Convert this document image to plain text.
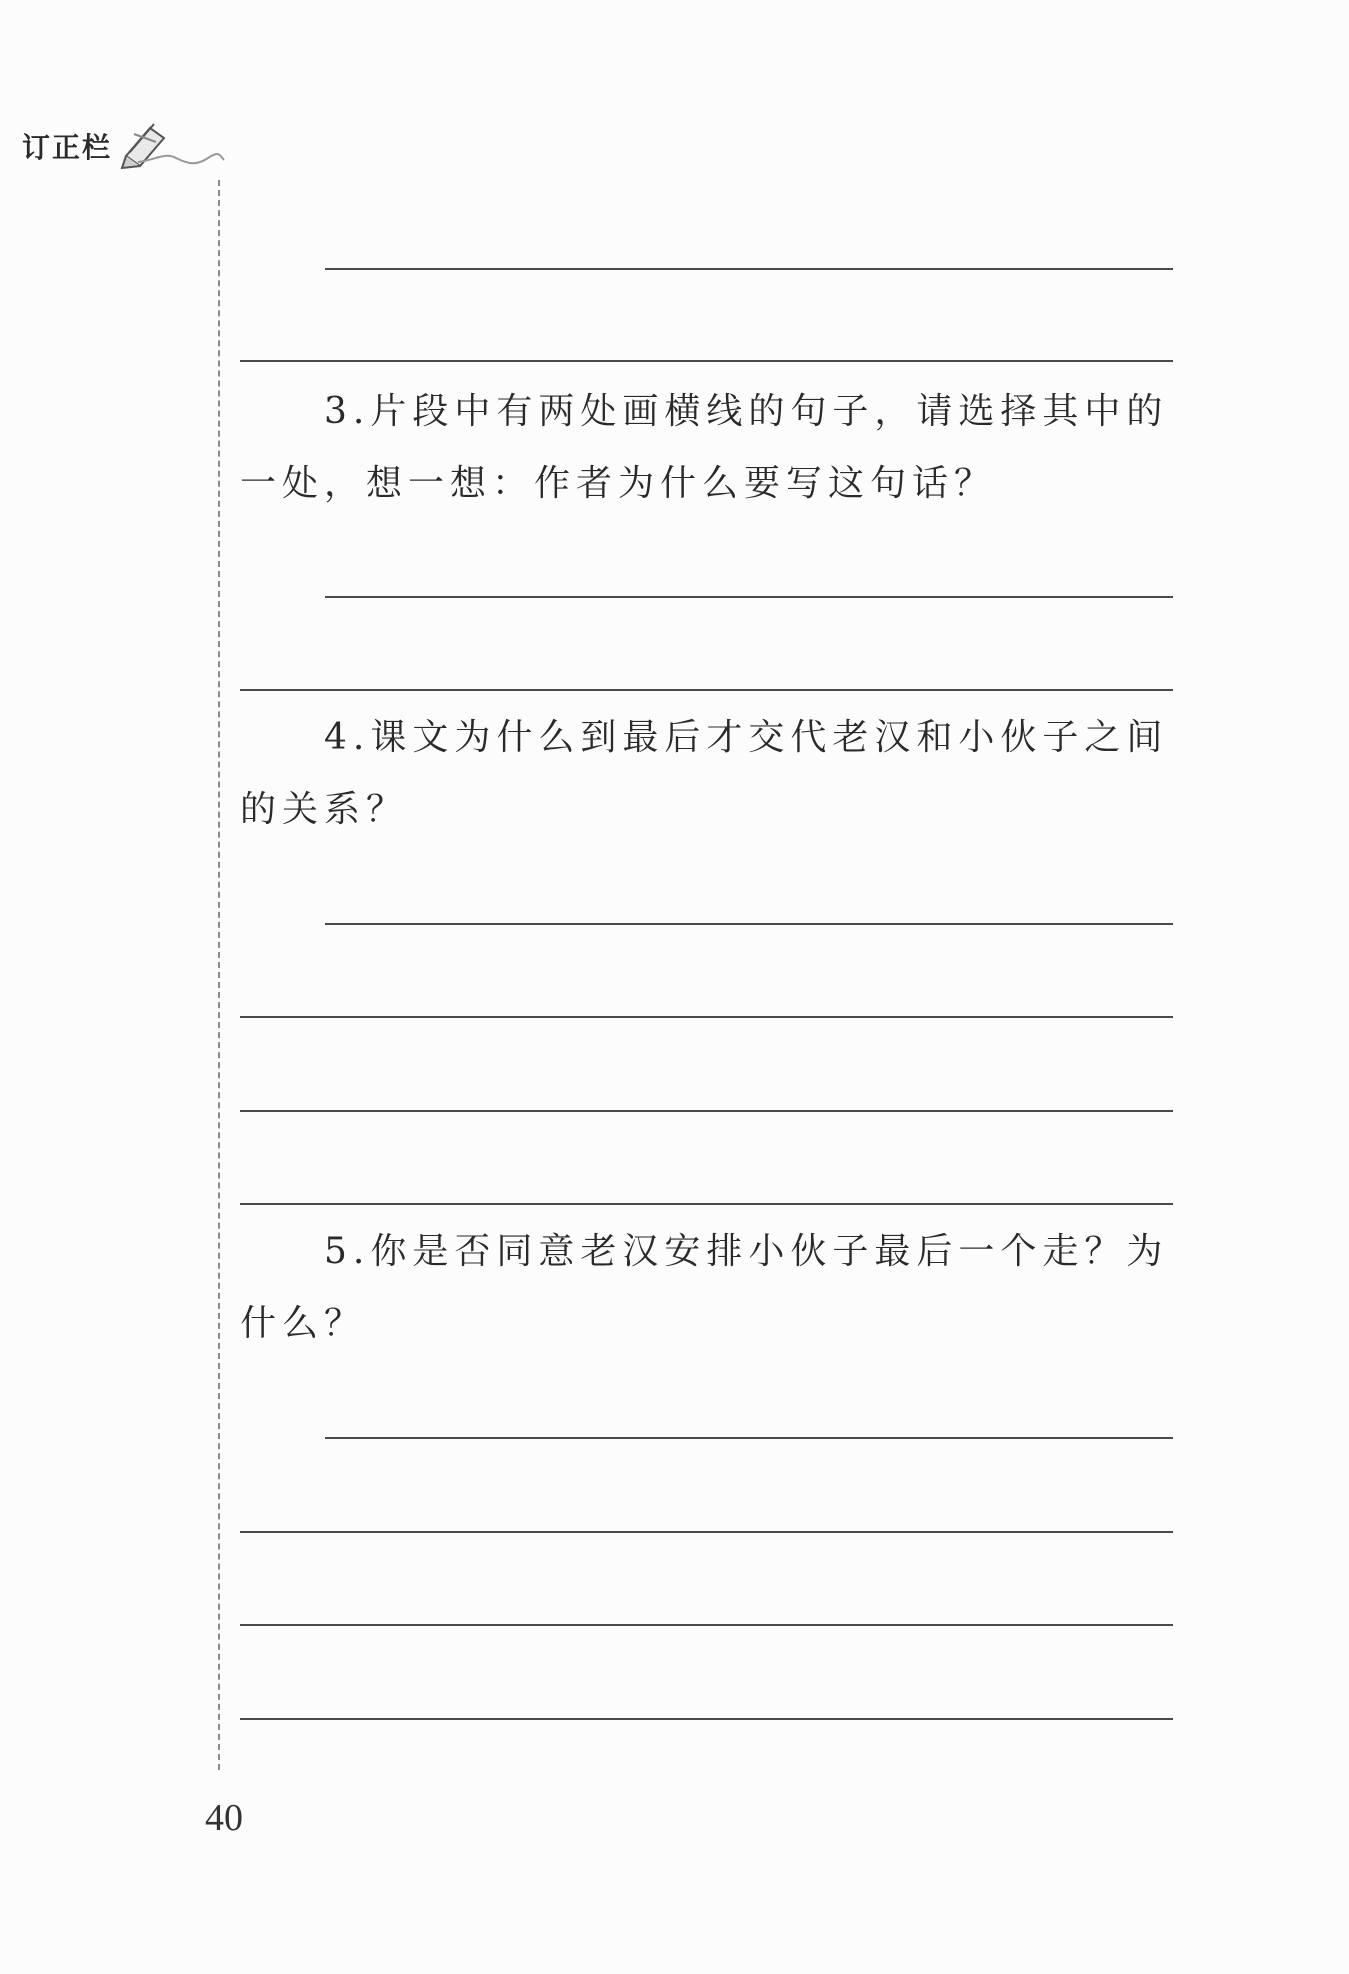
订正栏
3.片段中有两处画横线的句子，请选择其中的一处，想一想：作者为什么要写这句话？
4.课文为什么到最后才交代老汉和小伙子之间的关系？
5.你是否同意老汉安排小伙子最后一个走？为什么？
40
